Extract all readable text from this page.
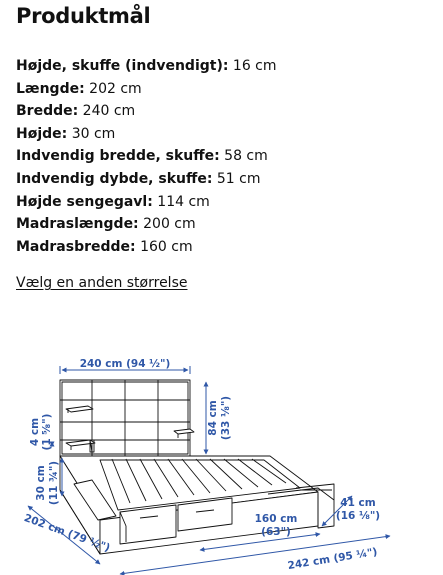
Produktmål
Højde, skuffe (indvendigt): 16 cm
Længde: 202 cm
Bredde: 240 cm
Højde: 30 cm
Indvendig bredde, skuffe: 58 cm
Indvendig dybde, skuffe: 51 cm
Højde sengegavl: 114 cm
Madraslængde: 200 cm
Madrasbredde: 160 cm
Vælg en anden størrelse
240 cm (94 ½")
4 cm (1 ⅝")	84 cm (33 ⅛")
30 cm (11 ¾")
202 cm (79 ½")
160 cm
(63")
41 cm
(16 ⅛")
242 cm (95 ¼")
